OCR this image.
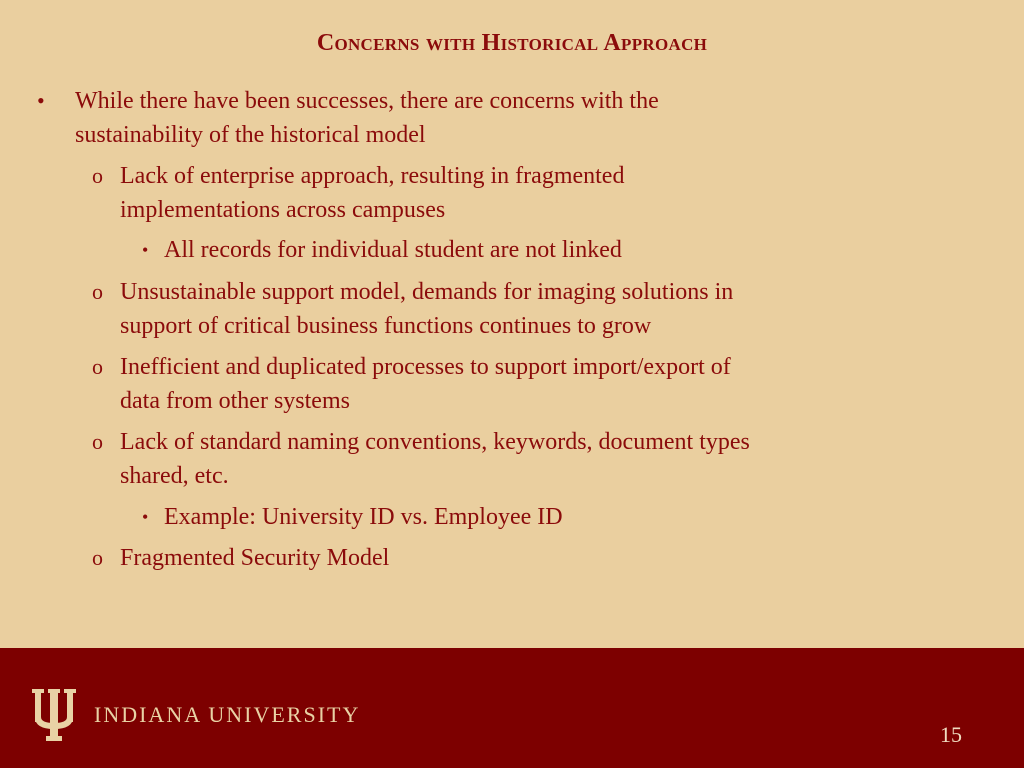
Concerns with Historical Approach
• While there have been successes, there are concerns with the
sustainability of the historical model
o Lack of enterprise approach, resulting in fragmented
implementations across campuses
• All records for individual student are not linked
o Unsustainable support model, demands for imaging solutions in
support of critical business functions continues to grow
o Inefficient and duplicated processes to support import/export of
data from other systems
o Lack of standard naming conventions, keywords, document types
shared, etc.
• Example: University ID vs. Employee ID
o Fragmented Security Model
INDIANA UNIVERSITY
15
